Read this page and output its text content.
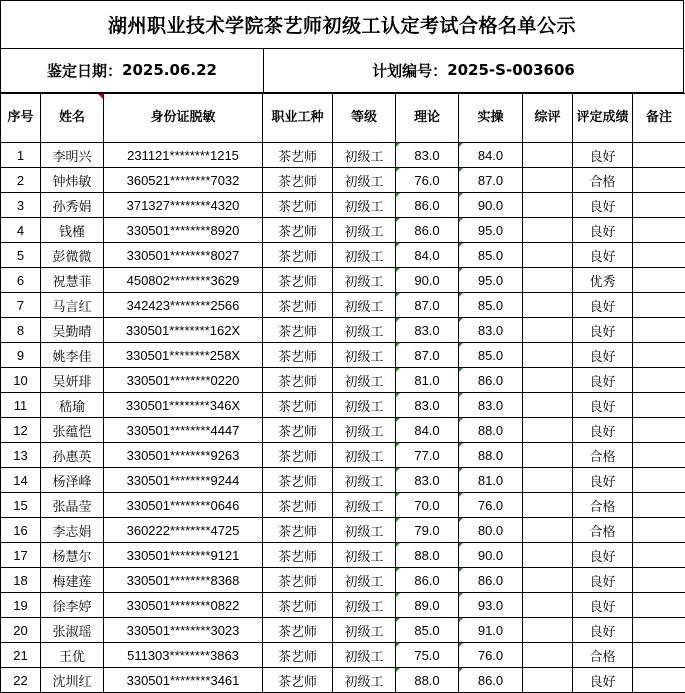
湖州职业技术学院茶艺师初级工认定考试合格名单公示
鉴定日期： 2025.06.22	计划编号： 2025-S-003606
序号	姓名	身份证脱敏	职业工种	等级	理论	实操	综评	评定成绩	备注
1	李明兴	231121********1215	茶艺师	初级工	83.0	84.0		良好	
2	钟炜敏	360521********7032	茶艺师	初级工	76.0	87.0		合格	
3	孙秀娟	371327********4320	茶艺师	初级工	86.0	90.0		良好	
4	钱槿	330501********8920	茶艺师	初级工	86.0	95.0		良好	
5	彭微微	330501********8027	茶艺师	初级工	84.0	85.0		良好	
6	祝慧菲	450802********3629	茶艺师	初级工	90.0	95.0		优秀	
7	马言红	342423********2566	茶艺师	初级工	87.0	85.0		良好	
8	吴勤晴	330501********162X	茶艺师	初级工	83.0	83.0		良好	
9	姚李佳	330501********258X	茶艺师	初级工	87.0	85.0		良好	
10	吴妍琲	330501********0220	茶艺师	初级工	81.0	86.0		良好	
11	嵇瑜	330501********346X	茶艺师	初级工	83.0	83.0		良好	
12	张蕴恺	330501********4447	茶艺师	初级工	84.0	88.0		良好	
13	孙惠英	330501********9263	茶艺师	初级工	77.0	88.0		合格	
14	杨泽峰	330501********9244	茶艺师	初级工	83.0	81.0		良好	
15	张晶莹	330501********0646	茶艺师	初级工	70.0	76.0		合格	
16	李志娟	360222********4725	茶艺师	初级工	79.0	80.0		合格	
17	杨慧尔	330501********9121	茶艺师	初级工	88.0	90.0		良好	
18	梅建莲	330501********8368	茶艺师	初级工	86.0	86.0		良好	
19	徐李婷	330501********0822	茶艺师	初级工	89.0	93.0		良好	
20	张淑瑶	330501********3023	茶艺师	初级工	85.0	91.0		良好	
21	王优	511303********3863	茶艺师	初级工	75.0	76.0		合格	
22	沈圳红	330501********3461	茶艺师	初级工	88.0	86.0		良好	
